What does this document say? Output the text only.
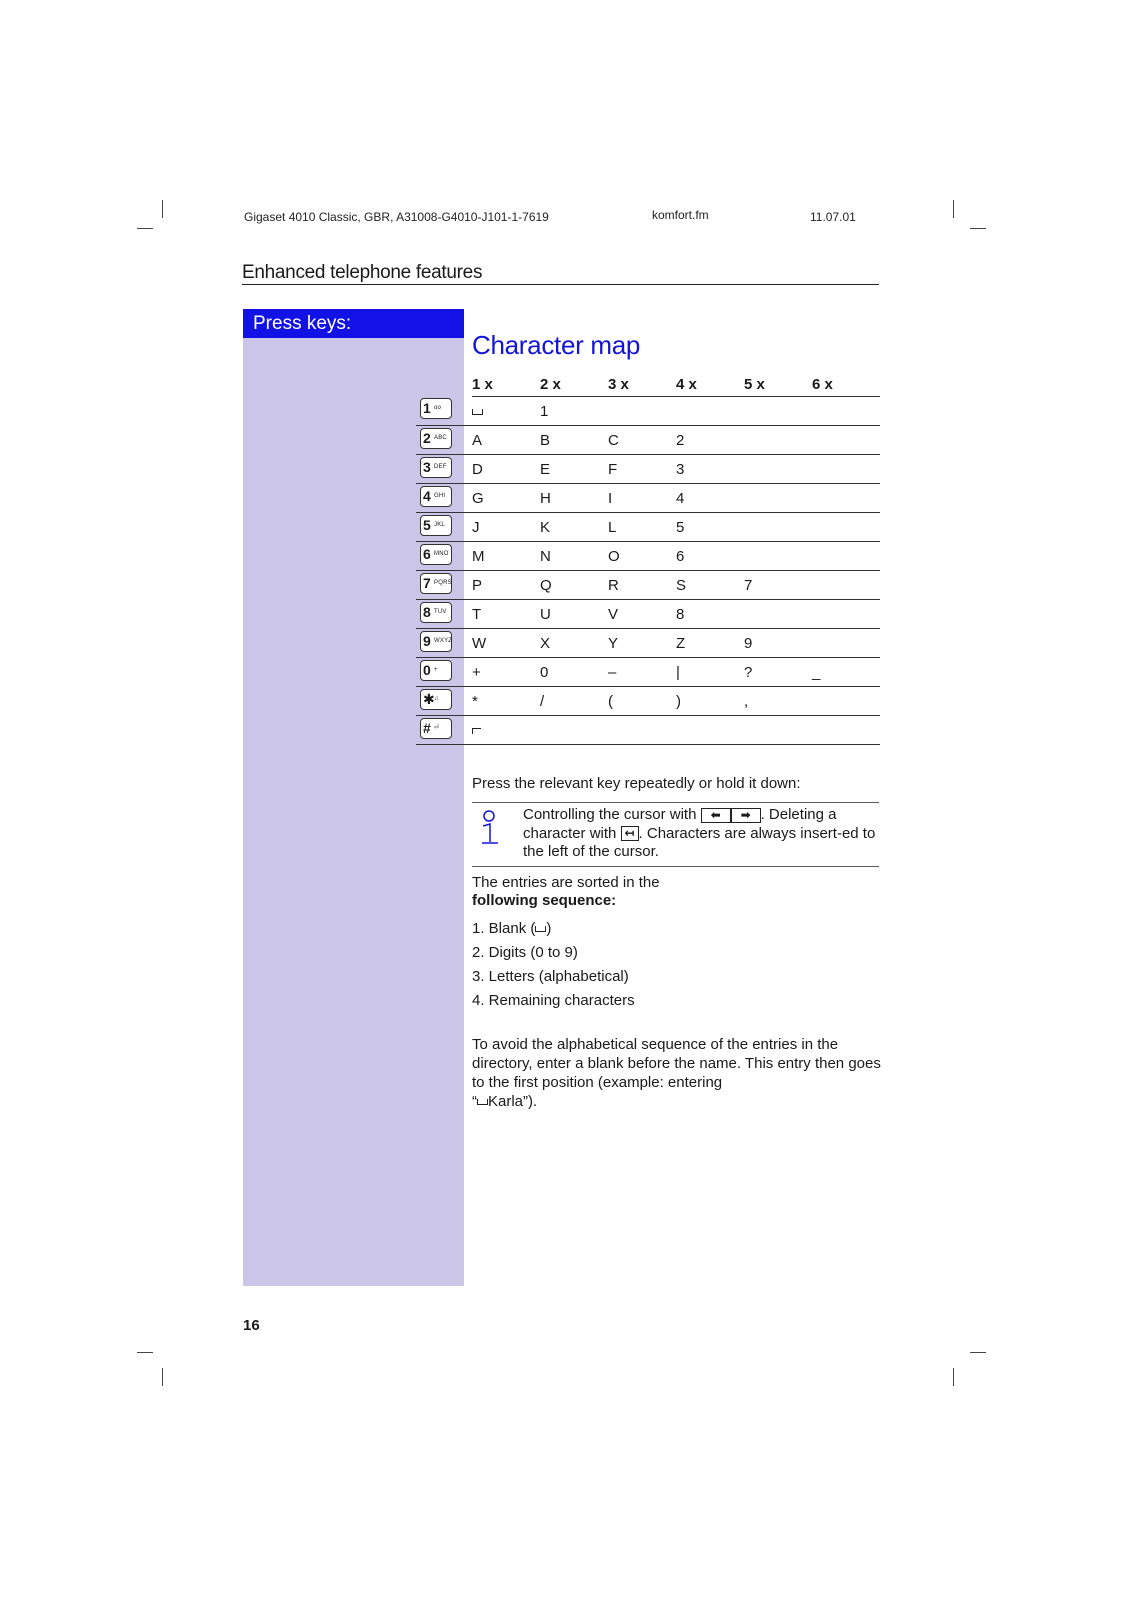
Gigaset 4010 Classic, GBR, A31008-G4010-J101-1-7619	komfort.fm	11.07.01
Enhanced telephone features
Press keys:
Character map
	1 x	2 x	3 x	4 x	5 x	6 x

1 oo		1				

2 ABC	A	B	C	2		

3 DEF	D	E	F	3		

4 GHI	G	H	I	4		

5 JKL	J	K	L	5		

6 MNO	M	N	O	6		

7 PQRS	P	Q	R	S	7	

8 TUV	T	U	V	8		

9 WXYZ	W	X	Y	Z	9	

0 +	+	0	–	|	?	_

✱ ♫	*	/	(	)	,	

# ⏎						

Press the relevant key repeatedly or hold it down:
Controlling the cursor with ⬅ ➡ . Deleting a character with ↤ . Characters are always insert-ed to the left of the cursor.
The entries are sorted in the
following sequence:
1. Blank ( )
2. Digits (0 to 9)
3. Letters (alphabetical)
4. Remaining characters
To avoid the alphabetical sequence of the entries in the directory, enter a blank before the name. This entry then goes to the first position (example: entering
“ Karla”).
16
